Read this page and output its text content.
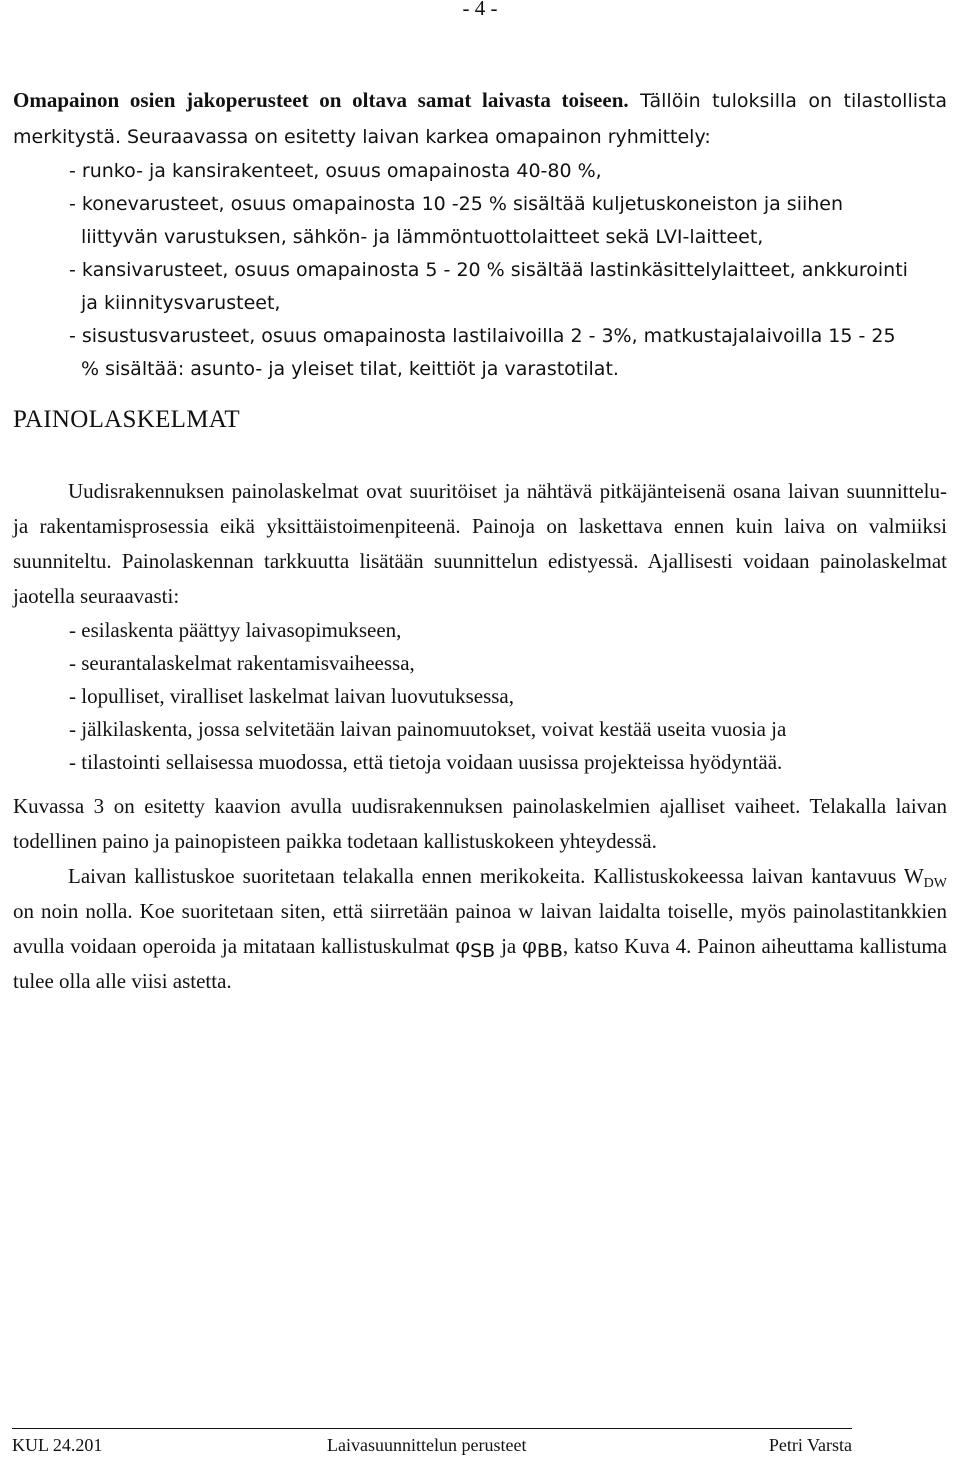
- 4 -

Omapainon osien jakoperusteet on oltava samat laivasta toiseen. Tällöin tuloksilla on tilastollista merkitystä. Seuraavassa on esitetty laivan karkea omapainon ryhmittely:

- runko- ja kansirakenteet, osuus omapainosta 40-80 %,
- konevarusteet, osuus omapainosta 10 -25 % sisältää kuljetuskoneiston ja siihen
liittyvän varustuksen, sähkön- ja lämmöntuottolaitteet sekä LVI-laitteet,
- kansivarusteet, osuus omapainosta 5 - 20 % sisältää lastinkäsittelylaitteet, ankkurointi
ja kiinnitysvarusteet,
- sisustusvarusteet, osuus omapainosta lastilaivoilla 2 - 3%, matkustajalaivoilla 15 - 25
% sisältää: asunto- ja yleiset tilat, keittiöt ja varastotilat.
PAINOLASKELMAT

Uudisrakennuksen painolaskelmat ovat suuritöiset ja nähtävä pitkäjänteisenä osana laivan suunnittelu- ja rakentamisprosessia eikä yksittäistoimenpiteenä. Painoja on laskettava ennen kuin laiva on valmiiksi suunniteltu. Painolaskennan tarkkuutta lisätään suunnittelun edistyessä. Ajallisesti voidaan painolaskelmat jaotella seuraavasti:

- esilaskenta päättyy laivasopimukseen,
- seurantalaskelmat rakentamisvaiheessa,
- lopulliset, viralliset laskelmat laivan luovutuksessa,
- jälkilaskenta, jossa selvitetään laivan painomuutokset, voivat kestää useita vuosia ja
- tilastointi sellaisessa muodossa, että tietoja voidaan uusissa projekteissa hyödyntää.

Kuvassa 3 on esitetty kaavion avulla uudisrakennuksen painolaskelmien ajalliset vaiheet. Telakalla laivan todellinen paino ja painopisteen paikka todetaan kallistuskokeen yhteydessä.

Laivan kallistuskoe suoritetaan telakalla ennen merikokeita. Kallistuskokeessa laivan kantavuus $W_{DW}$ on noin nolla. Koe suoritetaan siten, että siirretään painoa w laivan laidalta toiselle, myös painolastitankkien avulla voidaan operoida ja mitataan kallistuskulmat $\varphi_{SB}$ ja $\varphi_{BB}$, katso Kuva 4. Painon aiheuttama kallistuma tulee olla alle viisi astetta.

KUL 24.201	Laivasuunnittelun perusteet	Petri Varsta
